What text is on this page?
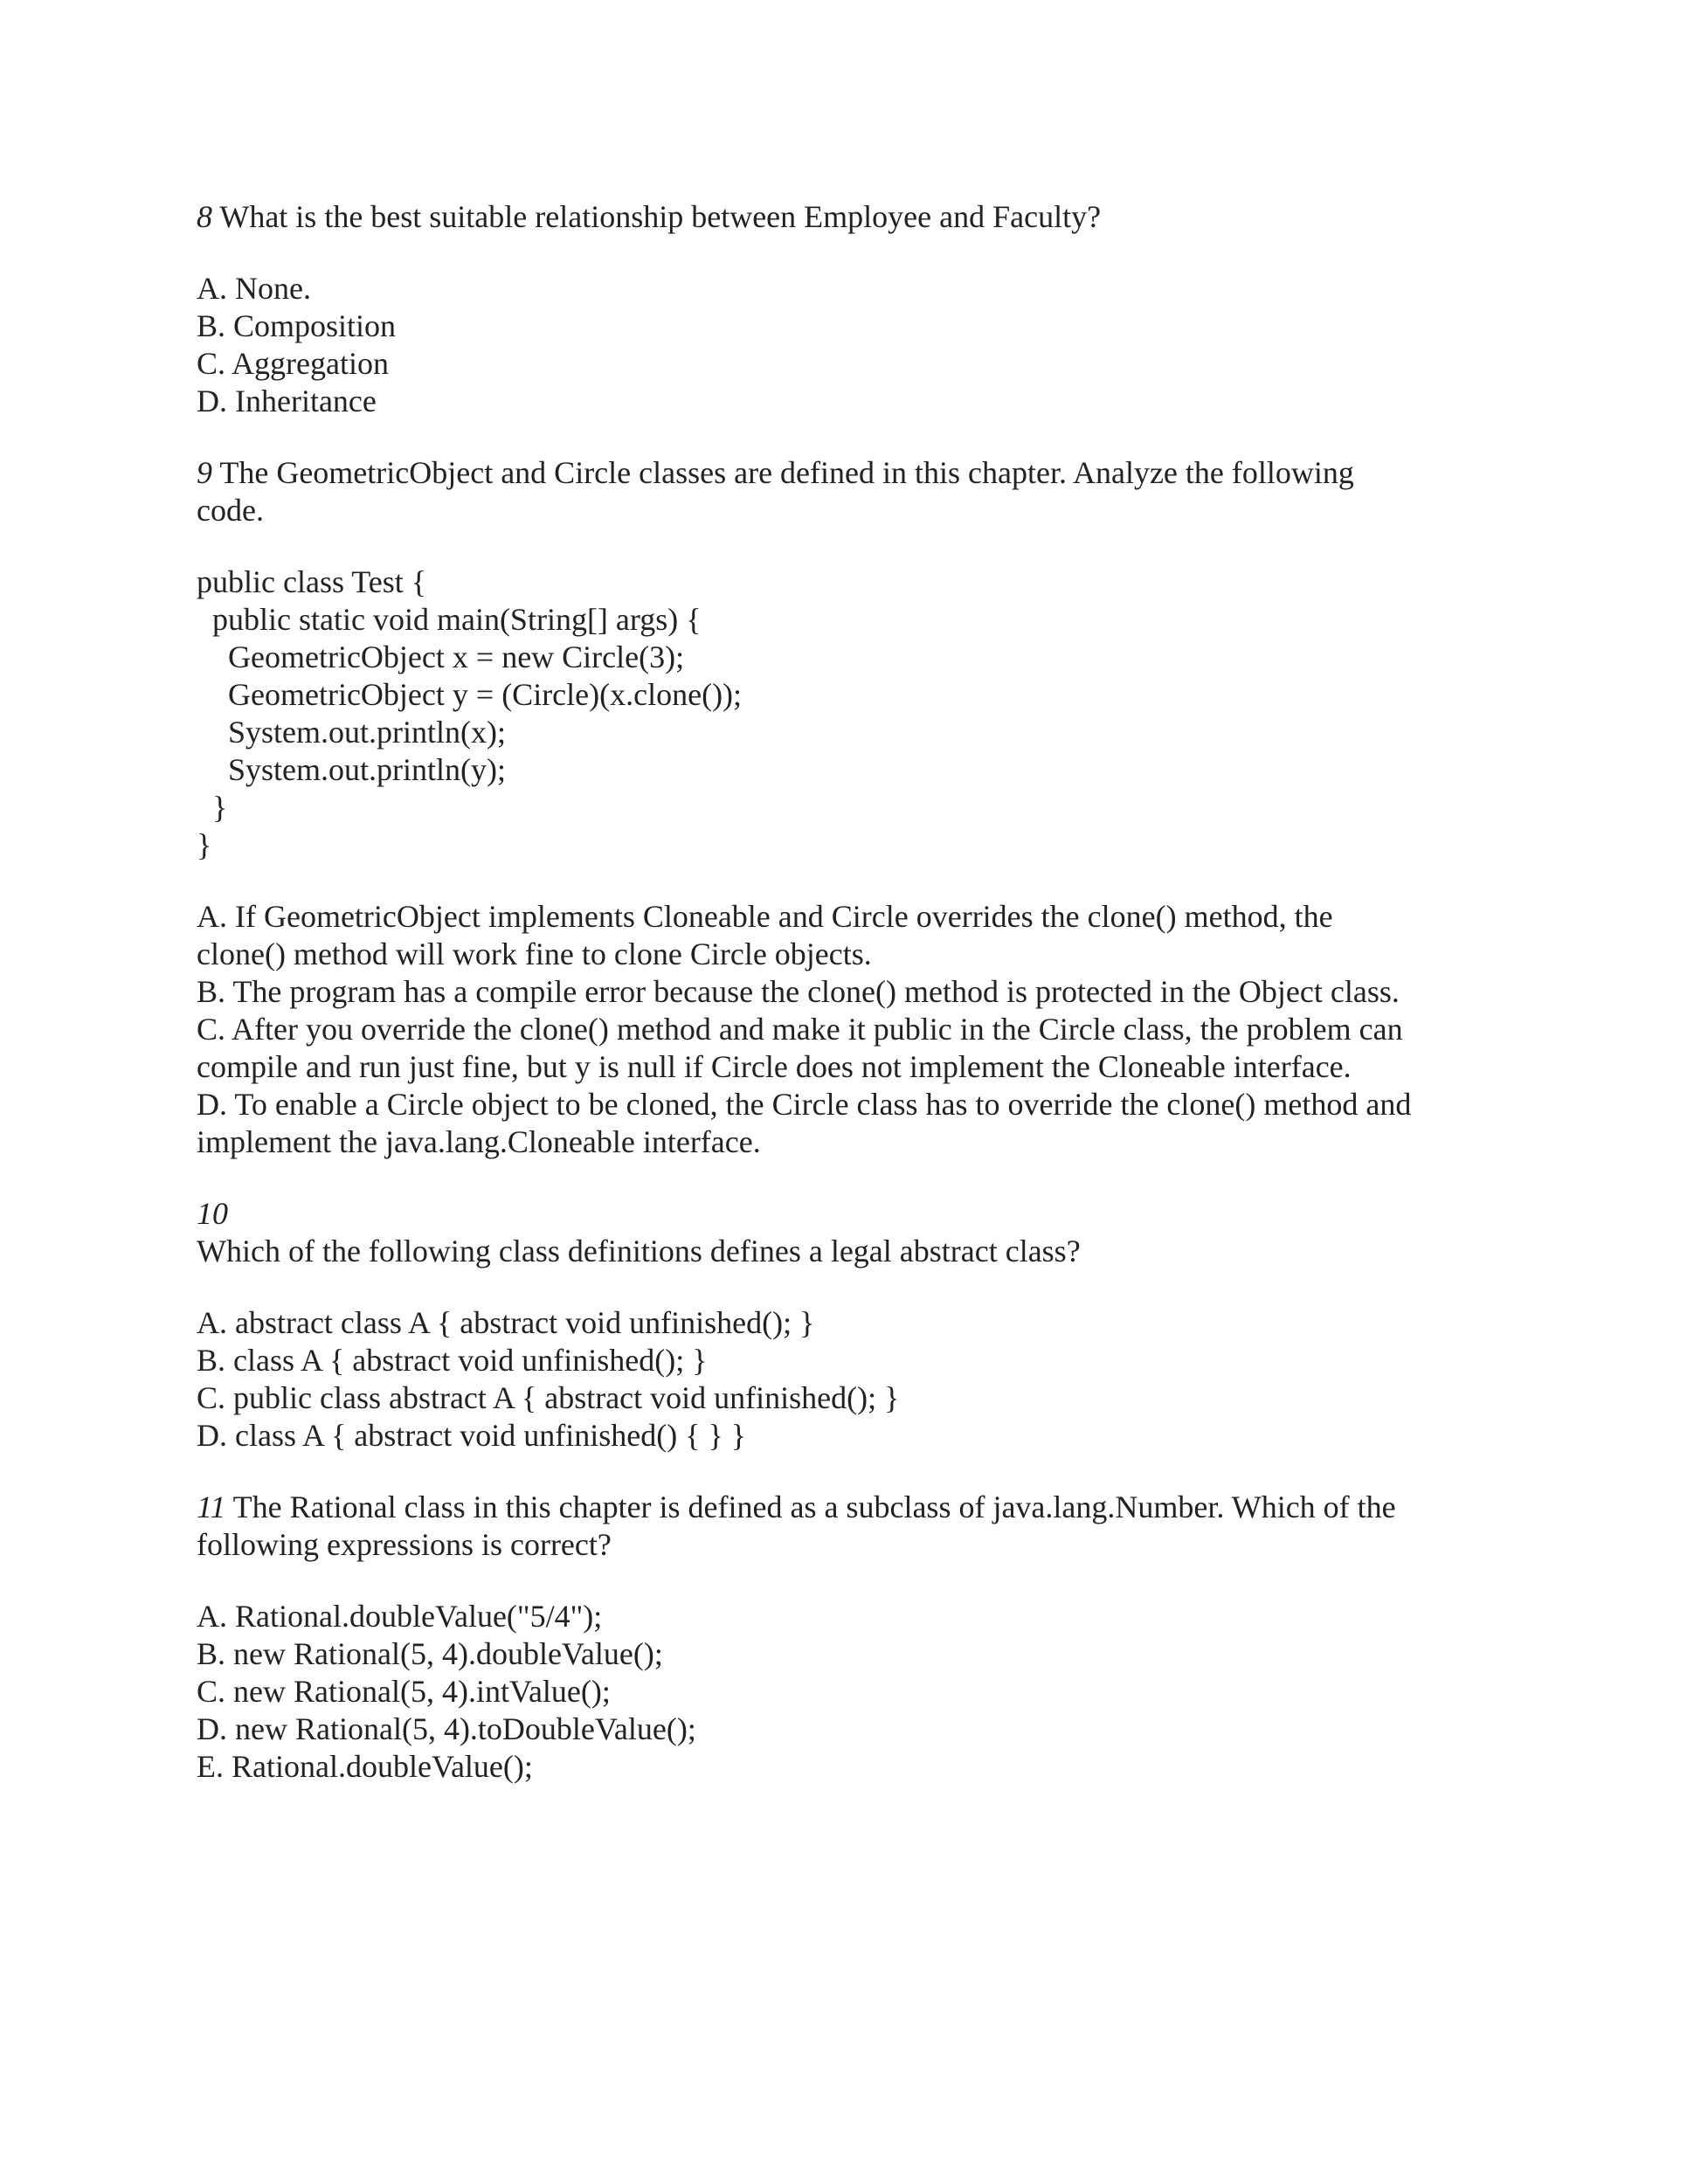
8 What is the best suitable relationship between Employee and Faculty?
A. None.
B. Composition
C. Aggregation
D. Inheritance
9 The GeometricObject and Circle classes are defined in this chapter. Analyze the following
code.
public class Test {
public static void main(String[] args) {
GeometricObject x = new Circle(3);
GeometricObject y = (Circle)(x.clone());
System.out.println(x);
System.out.println(y);
}
}
A. If GeometricObject implements Cloneable and Circle overrides the clone() method, the
clone() method will work fine to clone Circle objects.
B. The program has a compile error because the clone() method is protected in the Object class.
C. After you override the clone() method and make it public in the Circle class, the problem can
compile and run just fine, but y is null if Circle does not implement the Cloneable interface.
D. To enable a Circle object to be cloned, the Circle class has to override the clone() method and
implement the java.lang.Cloneable interface.
10
Which of the following class definitions defines a legal abstract class?
A. abstract class A { abstract void unfinished(); }
B. class A { abstract void unfinished(); }
C. public class abstract A { abstract void unfinished(); }
D. class A { abstract void unfinished() { } }
11 The Rational class in this chapter is defined as a subclass of java.lang.Number. Which of the
following expressions is correct?
A. Rational.doubleValue("5/4");
B. new Rational(5, 4).doubleValue();
C. new Rational(5, 4).intValue();
D. new Rational(5, 4).toDoubleValue();
E. Rational.doubleValue();
